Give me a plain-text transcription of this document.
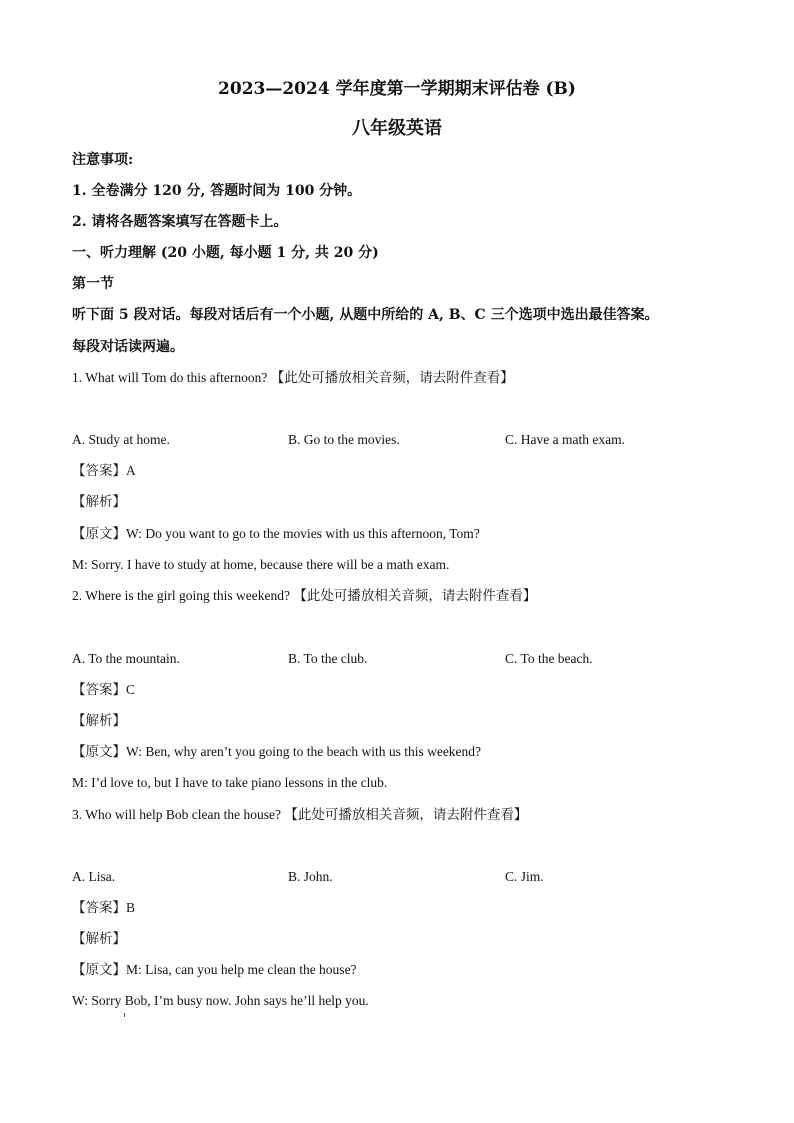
2023—2024 学年度第一学期期末评估卷 (B)
八年级英语
注意事项:
1. 全卷满分 120 分, 答题时间为 100 分钟。
2. 请将各题答案填写在答题卡上。
一、听力理解 (20 小题, 每小题 1 分, 共 20 分)
第一节
听下面 5 段对话。每段对话后有一个小题, 从题中所给的 A, B、C 三个选项中选出最佳答案。
每段对话读两遍。
1. What will Tom do this afternoon? 【此处可播放相关音频，请去附件查看】
A. Study at home.	B. Go to the movies.	C. Have a math exam.
【答案】A
【解析】
【原文】W: Do you want to go to the movies with us this afternoon, Tom?
M: Sorry. I have to study at home, because there will be a math exam.
2. Where is the girl going this weekend? 【此处可播放相关音频，请去附件查看】
A. To the mountain.	B. To the club.	C. To the beach.
【答案】C
【解析】
【原文】W: Ben, why aren’t you going to the beach with us this weekend?
M: I’d love to, but I have to take piano lessons in the club.
3. Who will help Bob clean the house? 【此处可播放相关音频，请去附件查看】
A. Lisa.	B. John.	C. Jim.
【答案】B
【解析】
【原文】M: Lisa, can you help me clean the house?
W: Sorry Bob, I’m busy now. John says he’ll help you.
